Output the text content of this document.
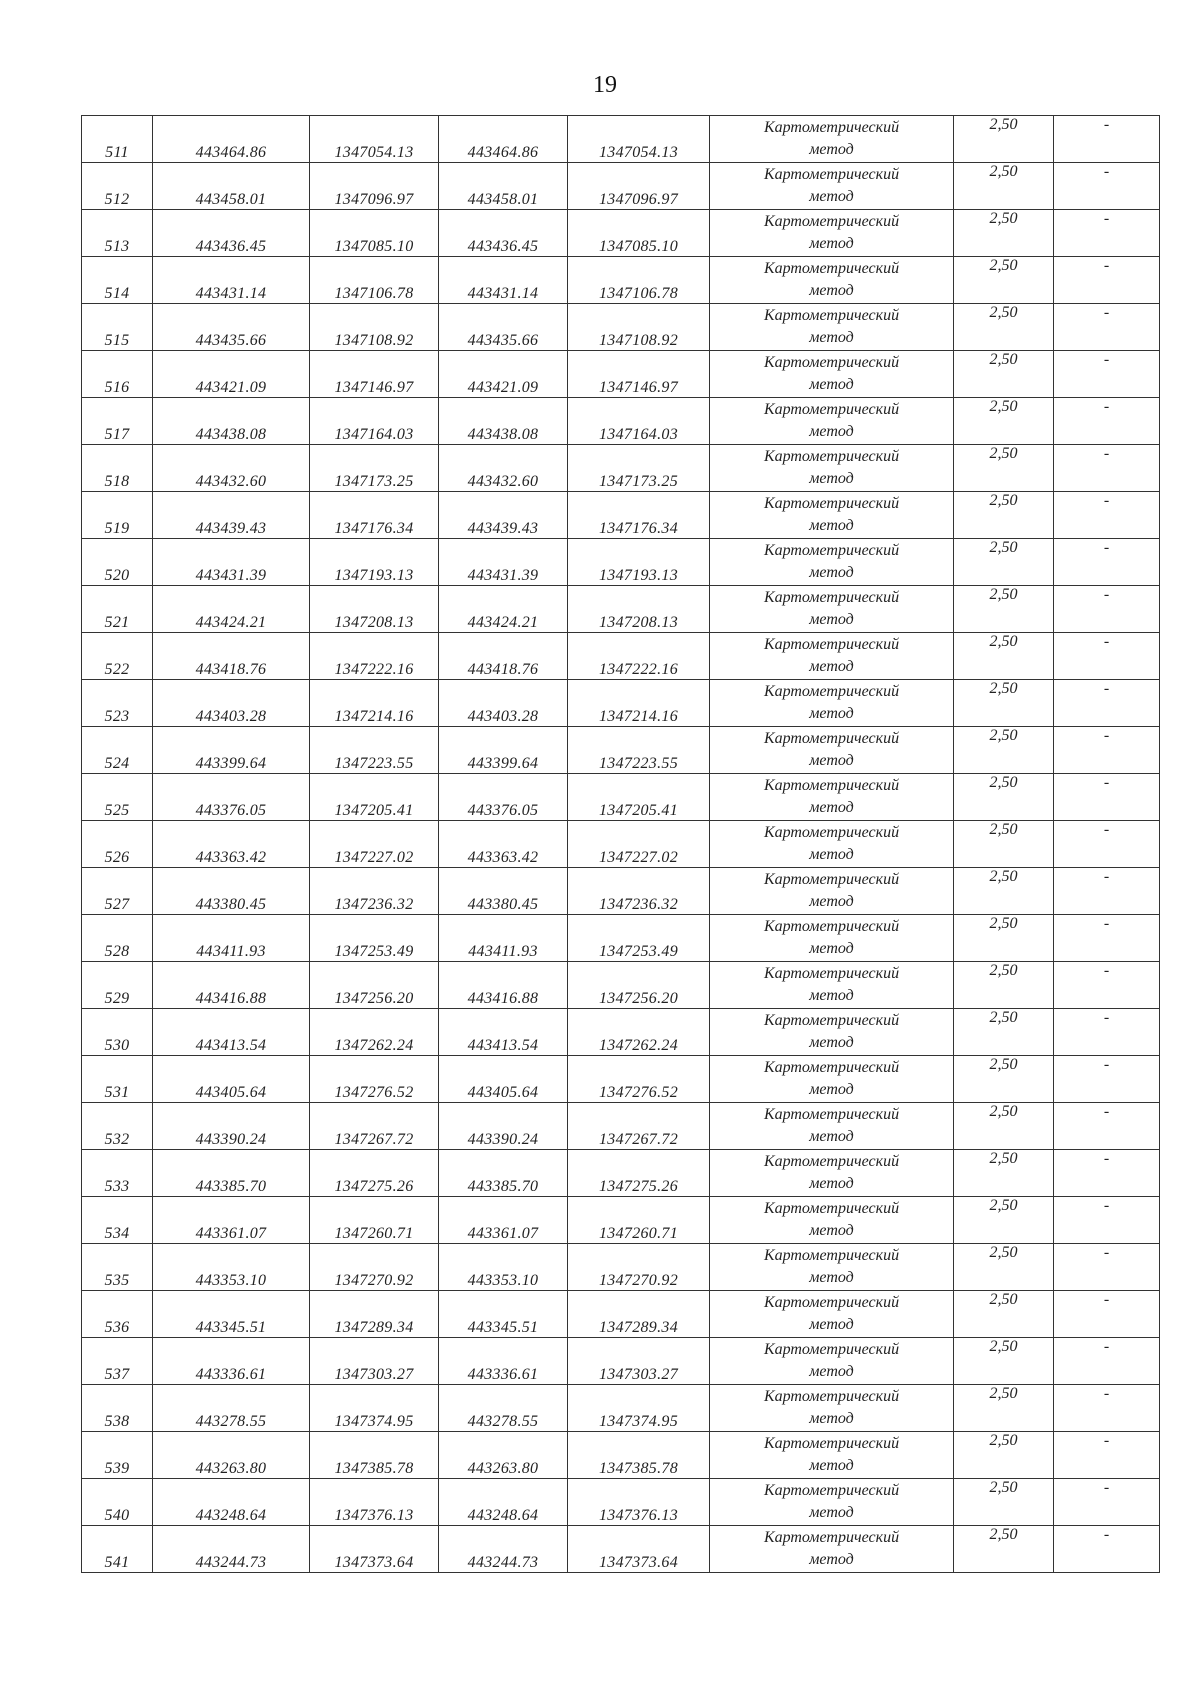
19
511	443464.86	1347054.13	443464.86	1347054.13	Картометрический
метод	2,50	-
512	443458.01	1347096.97	443458.01	1347096.97	Картометрический
метод	2,50	-
513	443436.45	1347085.10	443436.45	1347085.10	Картометрический
метод	2,50	-
514	443431.14	1347106.78	443431.14	1347106.78	Картометрический
метод	2,50	-
515	443435.66	1347108.92	443435.66	1347108.92	Картометрический
метод	2,50	-
516	443421.09	1347146.97	443421.09	1347146.97	Картометрический
метод	2,50	-
517	443438.08	1347164.03	443438.08	1347164.03	Картометрический
метод	2,50	-
518	443432.60	1347173.25	443432.60	1347173.25	Картометрический
метод	2,50	-
519	443439.43	1347176.34	443439.43	1347176.34	Картометрический
метод	2,50	-
520	443431.39	1347193.13	443431.39	1347193.13	Картометрический
метод	2,50	-
521	443424.21	1347208.13	443424.21	1347208.13	Картометрический
метод	2,50	-
522	443418.76	1347222.16	443418.76	1347222.16	Картометрический
метод	2,50	-
523	443403.28	1347214.16	443403.28	1347214.16	Картометрический
метод	2,50	-
524	443399.64	1347223.55	443399.64	1347223.55	Картометрический
метод	2,50	-
525	443376.05	1347205.41	443376.05	1347205.41	Картометрический
метод	2,50	-
526	443363.42	1347227.02	443363.42	1347227.02	Картометрический
метод	2,50	-
527	443380.45	1347236.32	443380.45	1347236.32	Картометрический
метод	2,50	-
528	443411.93	1347253.49	443411.93	1347253.49	Картометрический
метод	2,50	-
529	443416.88	1347256.20	443416.88	1347256.20	Картометрический
метод	2,50	-
530	443413.54	1347262.24	443413.54	1347262.24	Картометрический
метод	2,50	-
531	443405.64	1347276.52	443405.64	1347276.52	Картометрический
метод	2,50	-
532	443390.24	1347267.72	443390.24	1347267.72	Картометрический
метод	2,50	-
533	443385.70	1347275.26	443385.70	1347275.26	Картометрический
метод	2,50	-
534	443361.07	1347260.71	443361.07	1347260.71	Картометрический
метод	2,50	-
535	443353.10	1347270.92	443353.10	1347270.92	Картометрический
метод	2,50	-
536	443345.51	1347289.34	443345.51	1347289.34	Картометрический
метод	2,50	-
537	443336.61	1347303.27	443336.61	1347303.27	Картометрический
метод	2,50	-
538	443278.55	1347374.95	443278.55	1347374.95	Картометрический
метод	2,50	-
539	443263.80	1347385.78	443263.80	1347385.78	Картометрический
метод	2,50	-
540	443248.64	1347376.13	443248.64	1347376.13	Картометрический
метод	2,50	-
541	443244.73	1347373.64	443244.73	1347373.64	Картометрический
метод	2,50	-
